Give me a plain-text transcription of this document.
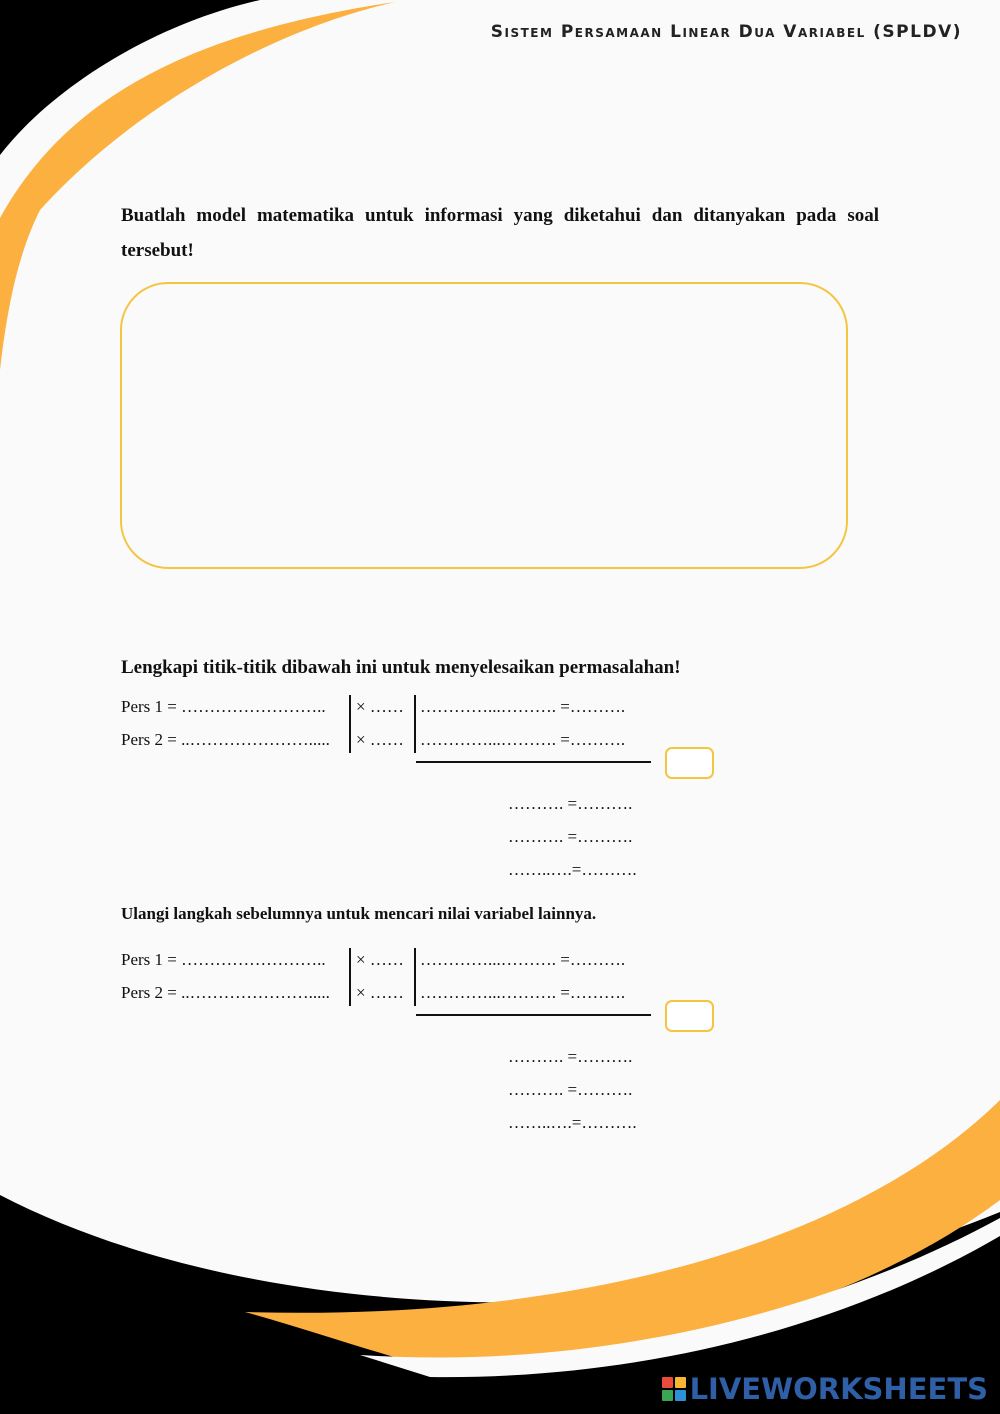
Sistem Persamaan Linear Dua Variabel (SPLDV)
Buatlah model matematika untuk informasi yang diketahui dan ditanyakan pada soal tersebut!
Lengkapi titik-titik dibawah ini untuk menyelesaikan permasalahan!
Pers 1 = …………………….. × …… …………...………. =……….
Pers 2 = ..…………………..... × …… …………...………. =……….
………. =……….
………. =……….
……..….=……….
Ulangi langkah sebelumnya untuk mencari nilai variabel lainnya.
Pers 1 = …………………….. × …… …………...………. =……….
Pers 2 = ..…………………..... × …… …………...………. =……….
………. =……….
………. =……….
……..….=……….
LIVEWORKSHEETS
